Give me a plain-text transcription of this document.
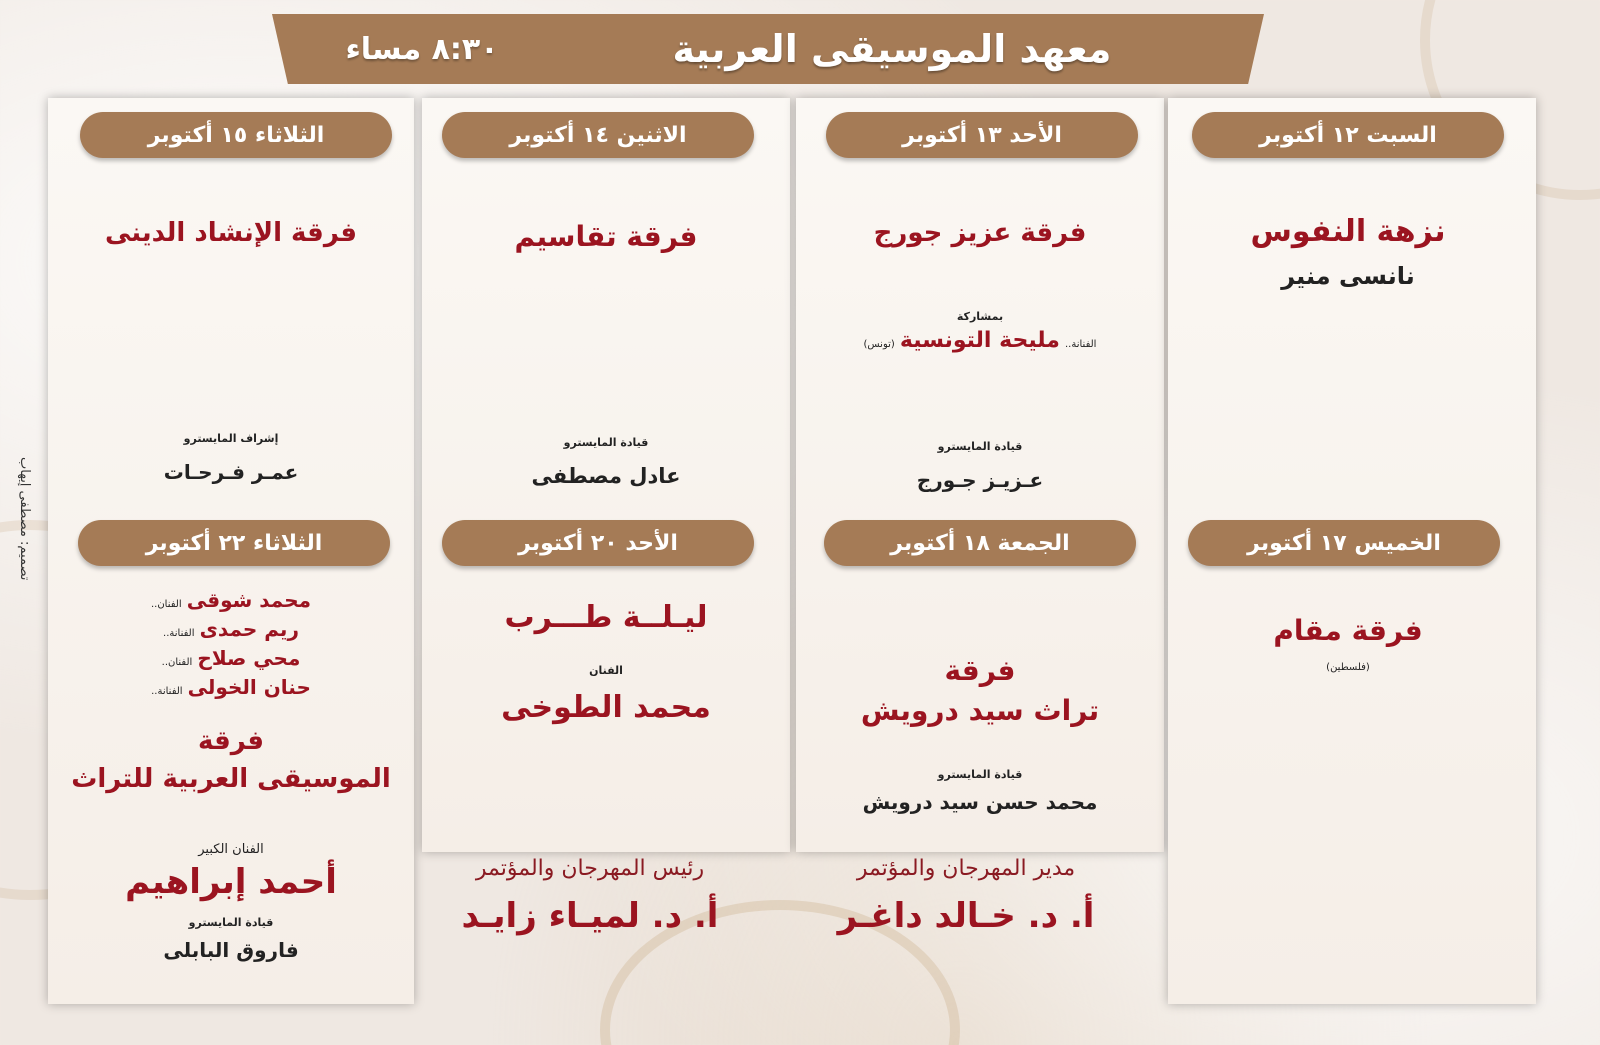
٨:٣٠ مساء	معهد الموسيقى العربية
السبت ١٢ أكتوبر
الأحد ١٣ أكتوبر
الاثنين ١٤ أكتوبر
الثلاثاء ١٥ أكتوبر
نزهة النفوس
نانسى منير
فرقة عزيز جورج
بمشاركة
الفنانة.. مليحة التونسية (تونس)
قيادة المايسترو
عـزيـز جـورج
فرقة تقاسيم
قيادة المايسترو
عادل مصطفى
فرقة الإنشاد الدينى
إشراف المايسترو
عمـر فـرحـات
الخميس ١٧ أكتوبر
الجمعة ١٨ أكتوبر
الأحد ٢٠ أكتوبر
الثلاثاء ٢٢ أكتوبر
فرقة مقام
(فلسطين)
فرقة
تراث سيد درويش
قيادة المايسترو
محمد حسن سيد درويش
ليـلــة طـــرب
الفنان
محمد الطوخى
محمد شوقى الفنان..
ريم حمدى الفنانة..
محي صلاح الفنان..
حنان الخولى الفنانة..
فرقة
الموسيقى العربية للتراث
الفنان الكبير
أحمد إبراهيم
قيادة المايسترو
فاروق البابلى
مدير المهرجان والمؤتمر
أ. د. خـالد داغـر
رئيس المهرجان والمؤتمر
أ. د. لميـاء زايـد
تصميم: مصطفى إيهاب
